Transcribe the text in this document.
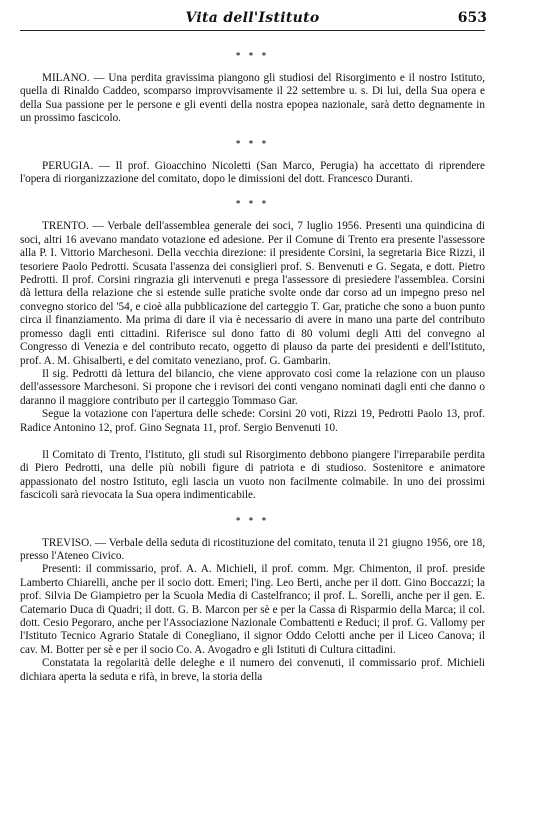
Vita dell'Istituto	653
* * *

MILANO. — Una perdita gravissima piangono gli studiosi del Risorgimento e il nostro Istituto, quella di Rinaldo Caddeo, scomparso improvvisamente il 22 settembre u. s. Di lui, della Sua opera e della Sua passione per le persone e gli eventi della nostra epopea nazionale, sarà detto degnamente in un prossimo fascicolo.

* * *

PERUGIA. — Il prof. Gioacchino Nicoletti (San Marco, Perugia) ha accettato di riprendere l'opera di riorganizzazione del comitato, dopo le dimissioni del dott. Francesco Duranti.

* * *

TRENTO. — Verbale dell'assemblea generale dei soci, 7 luglio 1956. Presenti una quindicina di soci, altri 16 avevano mandato votazione ed adesione. Per il Comune di Trento era presente l'assessore alla P. I. Vittorio Marchesoni. Della vecchia direzione: il presidente Corsini, la segretaria Bice Rizzi, il tesoriere Paolo Pedrotti. Scusata l'assenza dei consiglieri prof. S. Benvenuti e G. Segata, e dott. Pietro Pedrotti. Il prof. Corsini ringrazia gli intervenuti e prega l'assessore di presiedere l'assemblea. Corsini dà lettura della relazione che si estende sulle pratiche svolte onde dar corso ad un impegno preso nel convegno storico del '54, e cioè alla pubblicazione del carteggio T. Gar, pratiche che sono a buon punto circa il finanziamento. Ma prima di dare il via è necessario di avere in mano una parte del contributo promesso dagli enti cittadini. Riferisce sul dono fatto di 80 volumi degli Atti del convegno al Congresso di Venezia e del contributo recato, oggetto di plauso da parte dei presidenti e dell'Istituto, prof. A. M. Ghisalberti, e del comitato veneziano, prof. G. Gambarin.

Il sig. Pedrotti dà lettura del bilancio, che viene approvato così come la relazione con un plauso dell'assessore Marchesoni. Si propone che i revisori dei conti vengano nominati dagli enti che danno o daranno il maggiore contributo per il carteggio Tommaso Gar.

Segue la votazione con l'apertura delle schede: Corsini 20 voti, Rizzi 19, Pedrotti Paolo 13, prof. Radice Antonino 12, prof. Gino Segnata 11, prof. Sergio Benvenuti 10.

Il Comitato di Trento, l'Istituto, gli studi sul Risorgimento debbono piangere l'irreparabile perdita di Piero Pedrotti, una delle più nobili figure di patriota e di studioso. Sostenitore e animatore appassionato del nostro Istituto, egli lascia un vuoto non facilmente colmabile. In uno dei prossimi fascicoli sarà rievocata la Sua opera indimenticabile.

* * *

TREVISO. — Verbale della seduta di ricostituzione del comitato, tenuta il 21 giugno 1956, ore 18, presso l'Ateneo Civico.

Presenti: il commissario, prof. A. A. Michieli, il prof. comm. Mgr. Chimenton, il prof. preside Lamberto Chiarelli, anche per il socio dott. Emeri; l'ing. Leo Berti, anche per il dott. Gino Boccazzi; la prof. Silvia De Giampietro per la Scuola Media di Castelfranco; il prof. L. Sorelli, anche per il gen. E. Catemario Duca di Quadri; il dott. G. B. Marcon per sè e per la Cassa di Risparmio della Marca; il col. dott. Cesio Pegoraro, anche per l'Associazione Nazionale Combattenti e Reduci; il prof. G. Vallomy per l'Istituto Tecnico Agrario Statale di Conegliano, il signor Oddo Celotti anche per il Liceo Canova; il cav. M. Botter per sè e per il socio Co. A. Avogadro e gli Istituti di Cultura cittadini.

Constatata la regolarità delle deleghe e il numero dei convenuti, il commissario prof. Michieli dichiara aperta la seduta e rifà, in breve, la storia della
